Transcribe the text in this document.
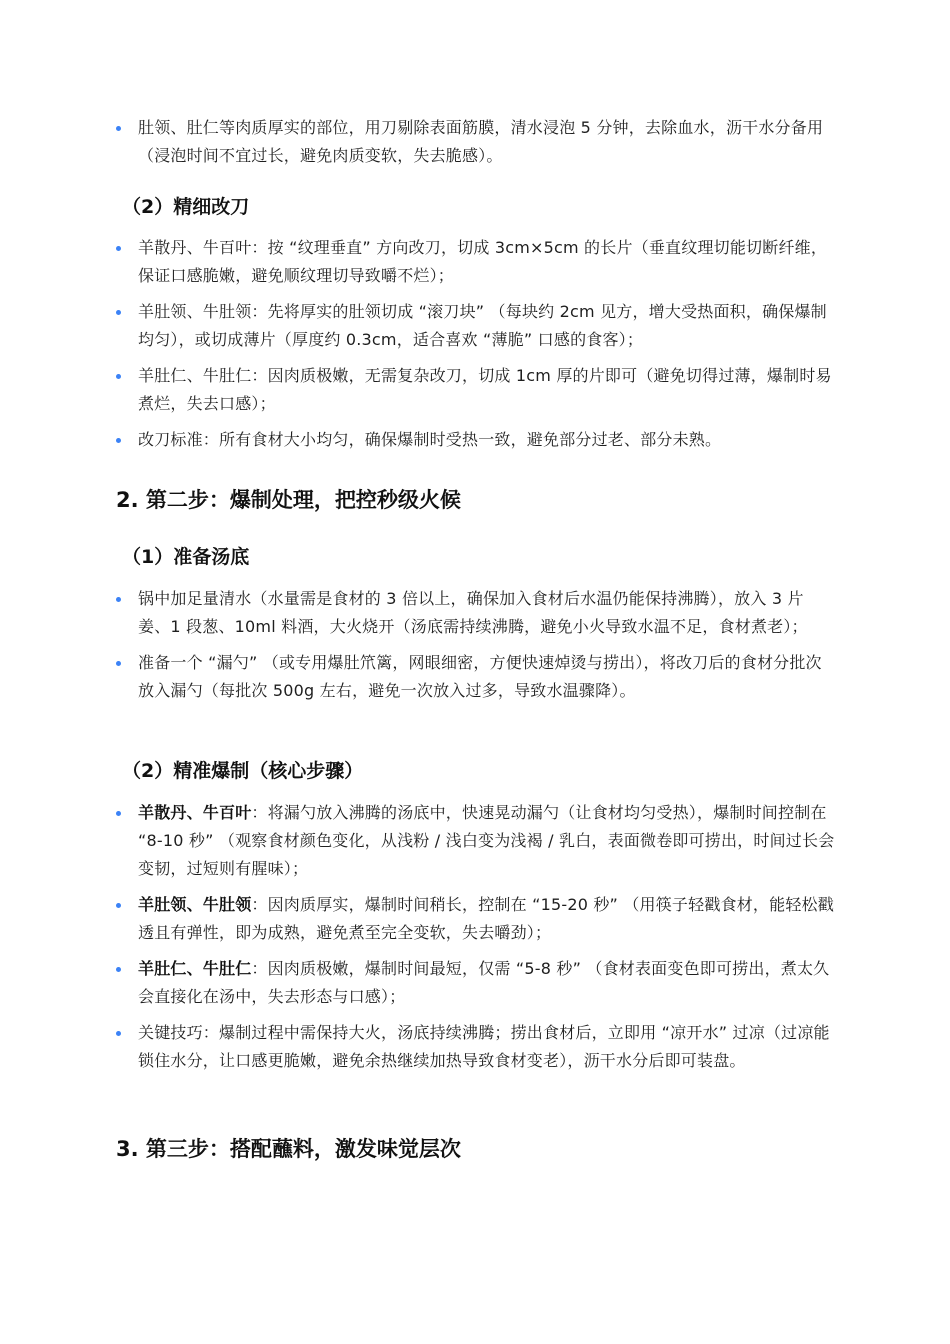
肚领、肚仁等肉质厚实的部位，用刀剔除表面筋膜，清水浸泡 5 分钟，去除血水，沥干水分备用（浸泡时间不宜过长，避免肉质变软，失去脆感）。
（2）精细改刀
羊散丹、牛百叶：按 “纹理垂直” 方向改刀，切成 3cm×5cm 的长片（垂直纹理切能切断纤维，保证口感脆嫩，避免顺纹理切导致嚼不烂）；
羊肚领、牛肚领：先将厚实的肚领切成 “滚刀块” （每块约 2cm 见方，增大受热面积，确保爆制均匀），或切成薄片（厚度约 0.3cm，适合喜欢 “薄脆” 口感的食客）；
羊肚仁、牛肚仁：因肉质极嫩，无需复杂改刀，切成 1cm 厚的片即可（避免切得过薄，爆制时易煮烂，失去口感）；
改刀标准：所有食材大小均匀，确保爆制时受热一致，避免部分过老、部分未熟。
2. 第二步：爆制处理，把控秒级火候
（1）准备汤底
锅中加足量清水（水量需是食材的 3 倍以上，确保加入食材后水温仍能保持沸腾），放入 3 片姜、1 段葱、10ml 料酒，大火烧开（汤底需持续沸腾，避免小火导致水温不足，食材煮老）；
准备一个 “漏勺” （或专用爆肚笊篱，网眼细密，方便快速焯烫与捞出），将改刀后的食材分批次放入漏勺（每批次 500g 左右，避免一次放入过多，导致水温骤降）。
（2）精准爆制（核心步骤）
羊散丹、牛百叶：将漏勺放入沸腾的汤底中，快速晃动漏勺（让食材均匀受热），爆制时间控制在 “8-10 秒” （观察食材颜色变化，从浅粉 / 浅白变为浅褐 / 乳白，表面微卷即可捞出，时间过长会变韧，过短则有腥味）；
羊肚领、牛肚领：因肉质厚实，爆制时间稍长，控制在 “15-20 秒” （用筷子轻戳食材，能轻松戳透且有弹性，即为成熟，避免煮至完全变软，失去嚼劲）；
羊肚仁、牛肚仁：因肉质极嫩，爆制时间最短，仅需 “5-8 秒” （食材表面变色即可捞出，煮太久会直接化在汤中，失去形态与口感）；
关键技巧：爆制过程中需保持大火，汤底持续沸腾；捞出食材后，立即用 “凉开水” 过凉（过凉能锁住水分，让口感更脆嫩，避免余热继续加热导致食材变老），沥干水分后即可装盘。
3. 第三步：搭配蘸料，激发味觉层次
